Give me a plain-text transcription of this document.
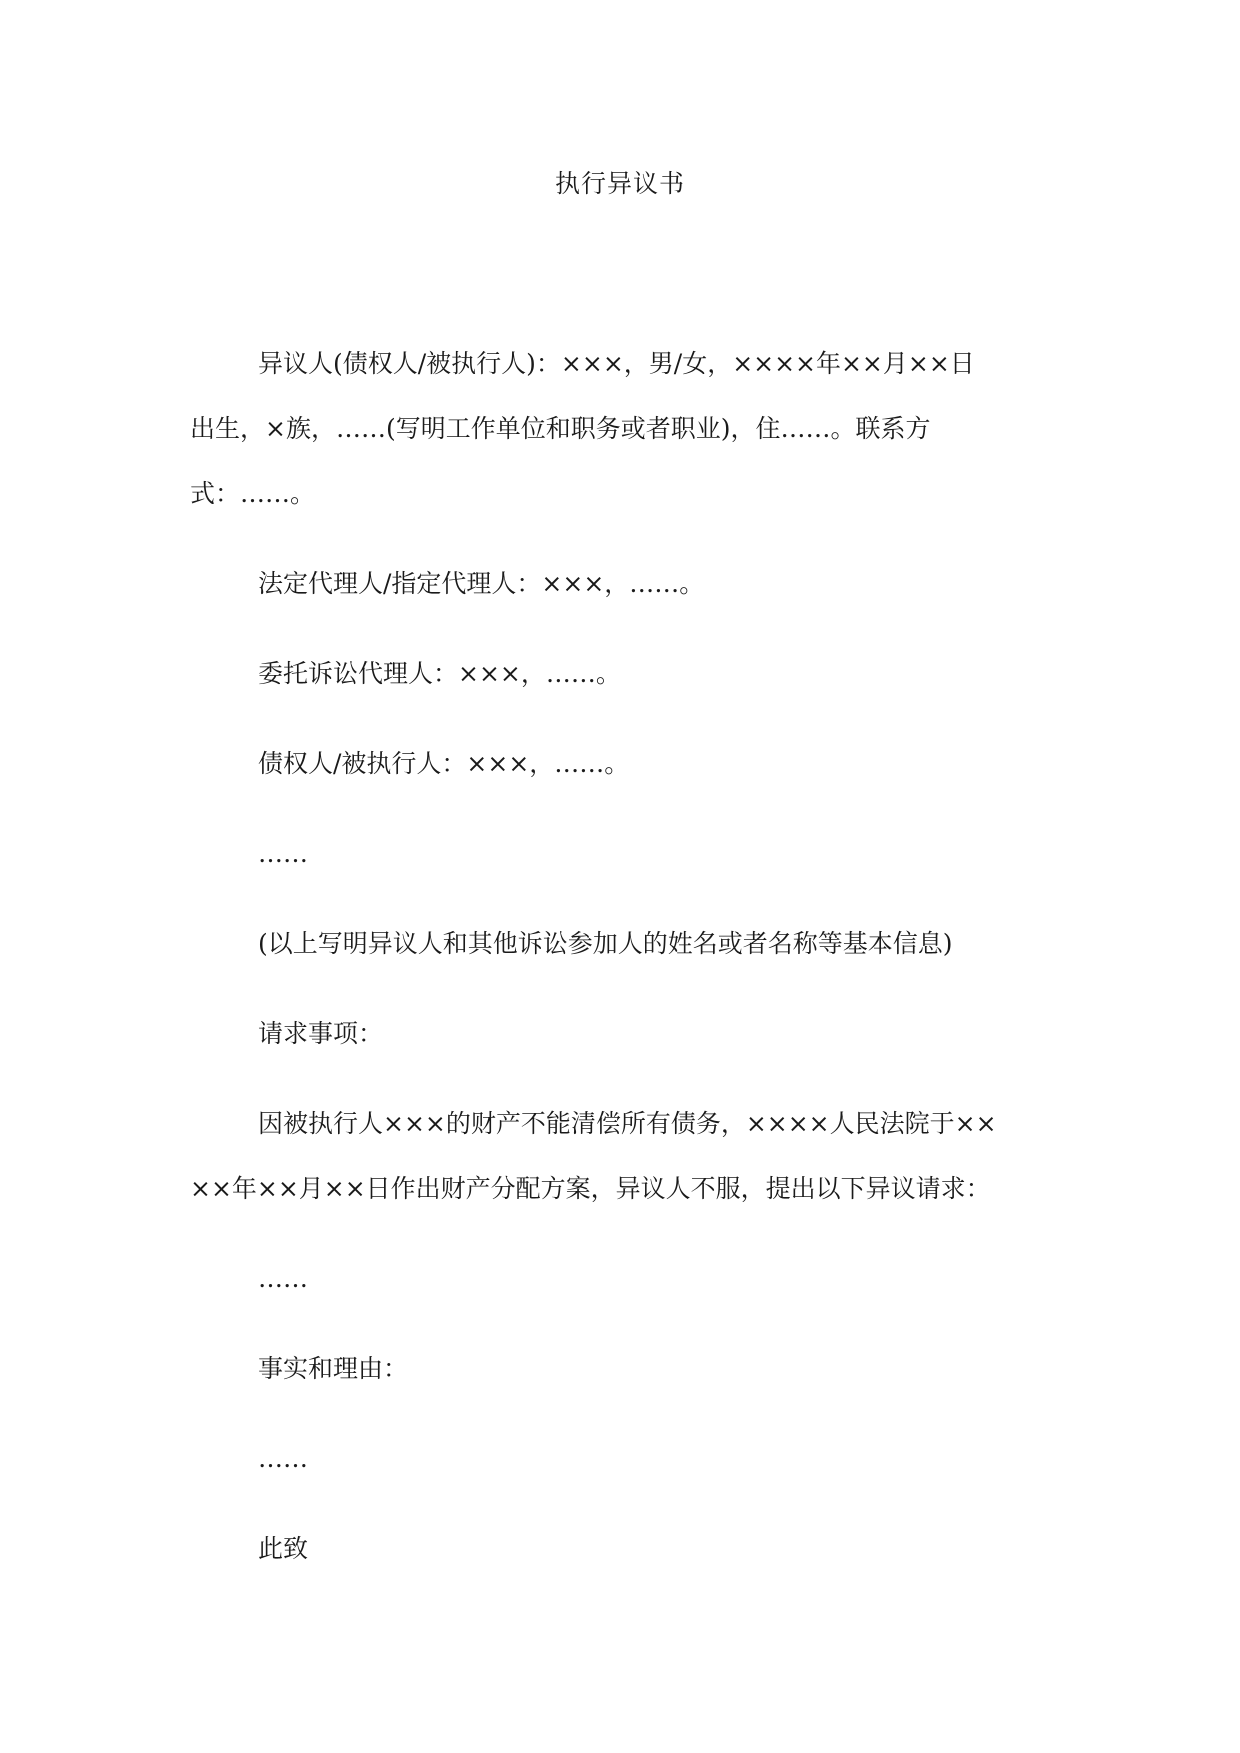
执行异议书
异议人(债权人/被执行人)：×××，男/女，××××年××月××日
出生，×族，……(写明工作单位和职务或者职业)，住……。联系方
式：……。
法定代理人/指定代理人：×××，……。
委托诉讼代理人：×××，……。
债权人/被执行人：×××，……。
……
(以上写明异议人和其他诉讼参加人的姓名或者名称等基本信息)
请求事项：
因被执行人×××的财产不能清偿所有债务，××××人民法院于××
××年××月××日作出财产分配方案，异议人不服，提出以下异议请求：
……
事实和理由：
……
此致
